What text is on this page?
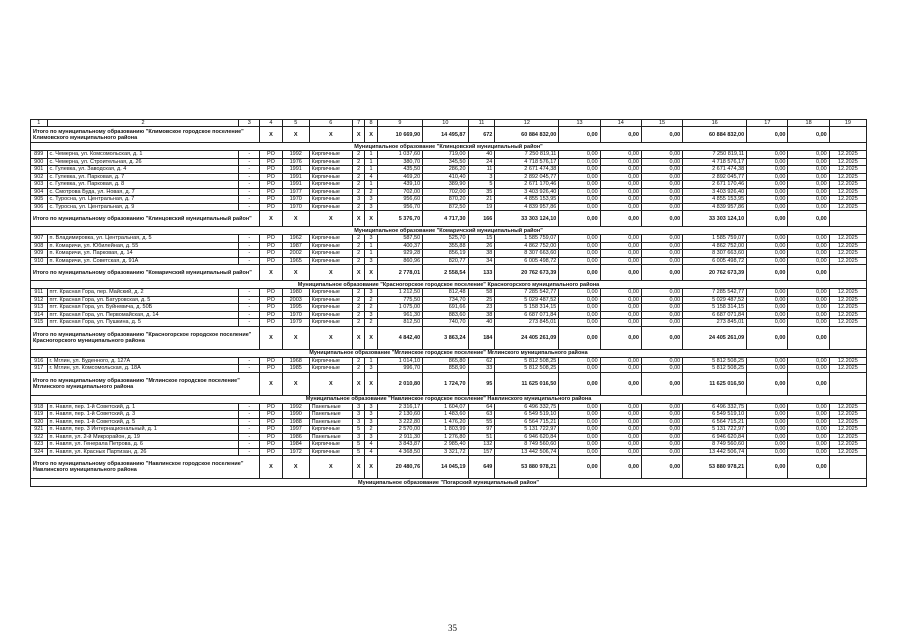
1	2	3	4	5	6	7	8	9	10	11	12	13	14	15	16	17	18	19
Итого по муниципальному образованию "Климовское городское поселение" Климовского муниципального района			X	X	X	X	X	10 669,90	14 495,87	672	60 884 832,00	0,00	0,00	0,00	60 884 832,00	0,00	0,00	
Муниципальное образование "Клинцовский муниципальный район"																		
899	с. Чемерна, ул. Комсомольская, д. 1	-	РО	1992	Кирпичные	2	1	1 037,60	719,00	40	7 250 819,11	0,00	0,00	0,00	7 250 819,11	0,00	0,00	12.2025
900	с. Чемерна, ул. Строительная, д. 26	-	РО	1976	Кирпичные	2	1	380,70	345,50	24	4 718 576,17	0,00	0,00	0,00	4 718 576,17	0,00	0,00	12.2025
901	с. Гулевка, ул. Заводская, д. 4	-	РО	1991	Кирпичные	2	1	435,50	286,20	11	2 671 474,38	0,00	0,00	0,00	2 671 474,38	0,00	0,00	12.2025
902	с. Гулевка, ул. Парковая, д. 7	-	РО	1991	Кирпичные	2	4	469,20	410,40	3	2 892 045,77	0,00	0,00	0,00	2 892 045,77	0,00	0,00	12.2025
903	с. Гулевка, ул. Парковая, д. 8	-	РО	1991	Кирпичные	2	1	439,10	389,90	5	2 671 170,46	0,00	0,00	0,00	2 671 170,46	0,00	0,00	12.2025
904	с. Смотрова Буда, ул. Новая, д. 7	-	РО	1977	Кирпичные	2	2	702,00	702,00	35	3 403 926,40	0,00	0,00	0,00	3 403 926,40	0,00	0,00	12.2025
905	с. Туросна, ул. Центральная, д. 7	-	РО	1970	Кирпичные	3	3	956,60	870,20	21	4 855 153,95	0,00	0,00	0,00	4 855 153,95	0,00	0,00	12.2025
906	с. Туросна, ул. Центральная, д. 9	-	РО	1970	Кирпичные	2	3	956,70	872,50	19	4 839 957,86	0,00	0,00	0,00	4 839 957,86	0,00	0,00	12.2025
Итого по муниципальному образованию "Клинцовский муниципальный район"			X	X	X	X	X	5 376,70	4 717,30	166	33 303 124,10	0,00	0,00	0,00	33 303 124,10	0,00	0,00	
Муниципальное образование "Комаричский муниципальный район"																		
907	п. Владимировка, ул. Центральная, д. 5	-	РО	1962	Кирпичные	2	3	587,50	525,70	15	1 585 759,07	0,00	0,00	0,00	1 585 759,07	0,00	0,00	12.2025
908	п. Комаричи, ул. Юбилейная, д. 55	-	РО	1987	Кирпичные	2	1	400,37	355,88	26	4 862 752,00	0,00	0,00	0,00	4 862 752,00	0,00	0,00	12.2025
909	п. Комаричи, ул. Парковая, д. 14	-	РО	2002	Кирпичные	2	1	929,28	856,19	38	8 307 663,60	0,00	0,00	0,00	8 307 663,60	0,00	0,00	12.2025
910	п. Комаричи, ул. Советская, д. 91А	-	РО	1965	Кирпичные	2	3	860,96	820,77	34	6 005 498,72	0,00	0,00	0,00	6 005 498,72	0,00	0,00	12.2025
Итого по муниципальному образованию "Комаричский муниципальный район"			X	X	X	X	X	2 778,01	2 558,54	133	20 762 673,39	0,00	0,00	0,00	20 762 673,39	0,00	0,00	
Муниципальное образование "Красногорское городское поселение" Красногорского муниципального района																		
911	пгт. Красная Гора, пер. Майский, д. 2	-	РО	1980	Кирпичные	2	3	1 212,50	812,48	58	7 285 542,77	0,00	0,00	0,00	7 285 542,77	0,00	0,00	12.2025
912	пгт. Красная Гора, ул. Батуровская, д. 5	-	РО	2003	Кирпичные	2	2	775,50	734,70	25	5 029 487,52	0,00	0,00	0,00	5 029 487,52	0,00	0,00	12.2025
913	пгт. Красная Гора, ул. Буйневича, д. 50Б	-	РО	1995	Кирпичные	2	2	1 075,00	691,66	23	5 158 314,15	0,00	0,00	0,00	5 158 314,15	0,00	0,00	12.2025
914	пгт. Красная Гора, ул. Первомайская, д. 14	-	РО	1970	Кирпичные	2	3	961,30	883,60	38	6 687 071,84	0,00	0,00	0,00	6 687 071,84	0,00	0,00	12.2025
915	пгт. Красная Гора, ул. Пушкина, д. 5	-	РО	1979	Кирпичные	2	2	812,50	740,70	40	273 845,01	0,00	0,00	0,00	273 845,01	0,00	0,00	12.2025
Итого по муниципальному образованию "Красногорское городское поселение" Красногорского муниципального района			X	X	X	X	X	4 842,40	3 863,24	184	24 405 261,09	0,00	0,00	0,00	24 405 261,09	0,00	0,00	
Муниципальное образование "Мглинское городское поселение" Мглинского муниципального района																		
916	г. Мглин, ул. Буденного, д. 127А	-	РО	1968	Кирпичные	2	1	1 014,10	865,80	62	5 812 508,25	0,00	0,00	0,00	5 812 508,25	0,00	0,00	12.2025
917	г. Мглин, ул. Комсомольская, д. 18А	-	РО	1985	Кирпичные	2	3	996,70	858,90	33	5 812 508,25	0,00	0,00	0,00	5 812 508,25	0,00	0,00	12.2025
Итого по муниципальному образованию "Мглинское городское поселение" Мглинского муниципального района			X	X	X	X	X	2 010,80	1 724,70	95	11 625 016,50	0,00	0,00	0,00	11 625 016,50	0,00	0,00	
Муниципальное образование "Навлинское городское поселение" Навлинского муниципального района																		
918	п. Навля, пер. 1-й Советский, д. 1	-	РО	1992	Панельные	3	3	2 316,17	1 604,07	64	6 496 332,75	0,00	0,00	0,00	6 496 332,75	0,00	0,00	12.2025
919	п. Навля, пер. 1-й Советский, д. 3	-	РО	1990	Панельные	3	3	2 130,60	1 483,60	63	6 549 519,10	0,00	0,00	0,00	6 549 519,10	0,00	0,00	12.2025
920	п. Навля, пер. 1-й Советский, д. 5	-	РО	1988	Панельные	3	3	3 222,80	1 476,20	55	6 564 715,21	0,00	0,00	0,00	6 564 715,21	0,00	0,00	12.2025
921	п. Навля, пер. 3 Интернациональный, д. 1	-	РО	1997	Кирпичные	5	2	2 570,00	1 803,99	97	5 131 722,97	0,00	0,00	0,00	5 131 722,97	0,00	0,00	12.2025
922	п. Навля, ул. 2-й Микрорайон, д. 19	-	РО	1986	Панельные	3	3	2 911,30	1 276,80	51	6 946 620,84	0,00	0,00	0,00	6 946 620,84	0,00	0,00	12.2025
923	п. Навля, ул. Генерала Петрова, д. 6	-	РО	1984	Кирпичные	5	4	3 843,87	2 985,40	132	8 749 560,60	0,00	0,00	0,00	8 749 560,60	0,00	0,00	12.2025
924	п. Навля, ул. Красных Партизан, д. 26	-	РО	1972	Кирпичные	5	4	4 368,50	3 321,72	157	13 442 506,74	0,00	0,00	0,00	13 442 506,74	0,00	0,00	12.2025
Итого по муниципальному образованию "Навлинское городское поселение" Навлинского муниципального района			X	X	X	X	X	20 480,76	14 045,19	649	53 880 978,21	0,00	0,00	0,00	53 880 978,21	0,00	0,00	
Муниципальное образование "Погарский муниципальный район"																		
35
